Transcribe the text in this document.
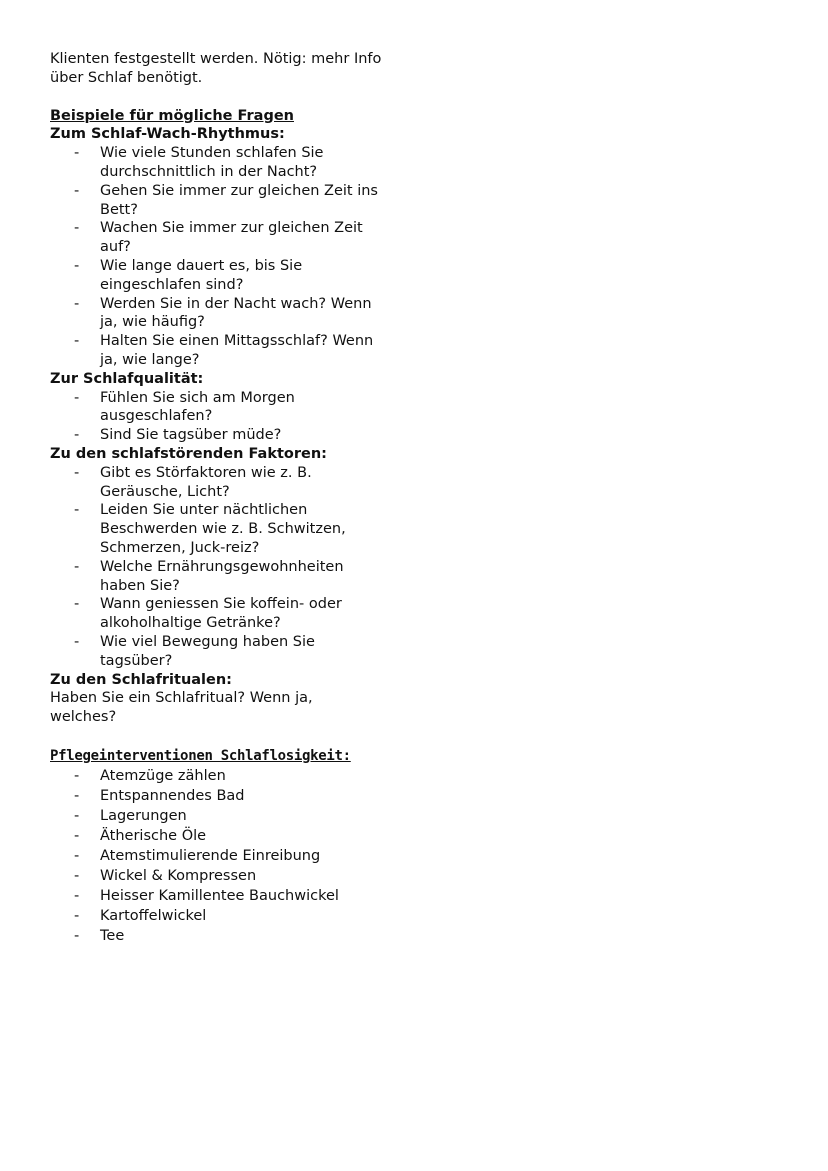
Klienten festgestellt werden. Nötig: mehr Info
über Schlaf benötigt.

Beispiele für mögliche Fragen

Zum Schlaf-Wach-Rhythmus:

- Wie viele Stunden schlafen Sie durchschnittlich in der Nacht?
- Gehen Sie immer zur gleichen Zeit ins Bett?
- Wachen Sie immer zur gleichen Zeit auf?
- Wie lange dauert es, bis Sie eingeschlafen sind?
- Werden Sie in der Nacht wach? Wenn ja, wie häufig?
- Halten Sie einen Mittagsschlaf? Wenn ja, wie lange?

Zur Schlafqualität:

- Fühlen Sie sich am Morgen ausgeschlafen?
- Sind Sie tagsüber müde?

Zu den schlafstörenden Faktoren:

- Gibt es Störfaktoren wie z. B. Geräusche, Licht?
- Leiden Sie unter nächtlichen Beschwerden wie z. B. Schwitzen, Schmerzen, Juck-reiz?
- Welche Ernährungsgewohnheiten haben Sie?
- Wann geniessen Sie koffein- oder alkoholhaltige Getränke?
- Wie viel Bewegung haben Sie tagsüber?

Zu den Schlafritualen:

Haben Sie ein Schlafritual? Wenn ja, welches?

Pflegeinterventionen Schlaflosigkeit:

- Atemzüge zählen
- Entspannendes Bad
- Lagerungen
- Ätherische Öle
- Atemstimulierende Einreibung
- Wickel & Kompressen
- Heisser Kamillentee Bauchwickel
- Kartoffelwickel
- Tee
